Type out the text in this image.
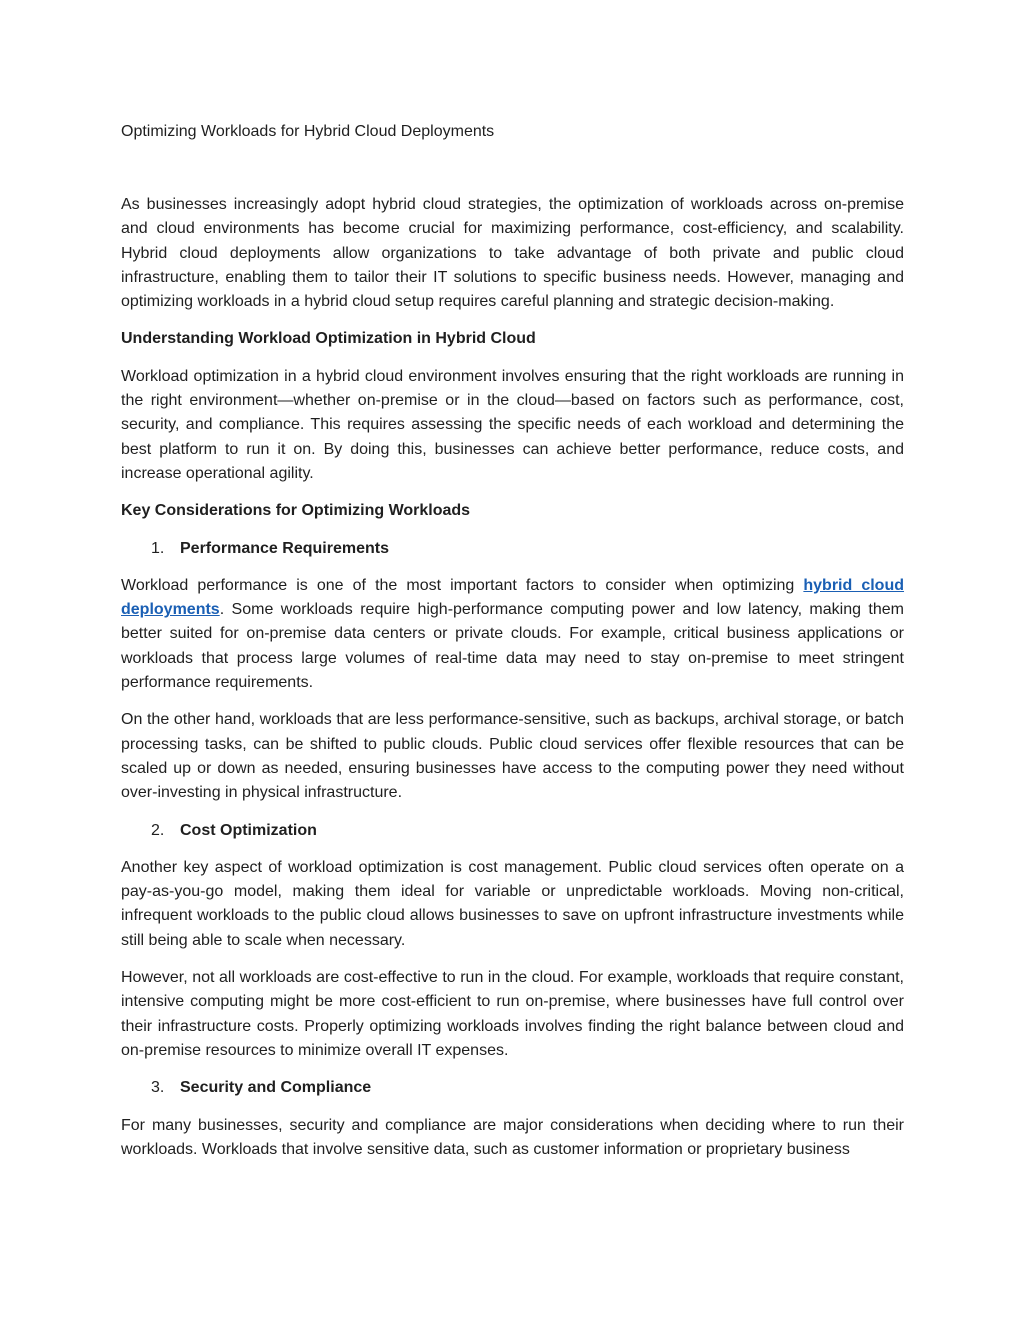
Optimizing Workloads for Hybrid Cloud Deployments

As businesses increasingly adopt hybrid cloud strategies, the optimization of workloads across on-premise and cloud environments has become crucial for maximizing performance, cost-efficiency, and scalability. Hybrid cloud deployments allow organizations to take advantage of both private and public cloud infrastructure, enabling them to tailor their IT solutions to specific business needs. However, managing and optimizing workloads in a hybrid cloud setup requires careful planning and strategic decision-making.

Understanding Workload Optimization in Hybrid Cloud

Workload optimization in a hybrid cloud environment involves ensuring that the right workloads are running in the right environment—whether on-premise or in the cloud—based on factors such as performance, cost, security, and compliance. This requires assessing the specific needs of each workload and determining the best platform to run it on. By doing this, businesses can achieve better performance, reduce costs, and increase operational agility.

Key Considerations for Optimizing Workloads
1. Performance Requirements

Workload performance is one of the most important factors to consider when optimizing hybrid cloud deployments. Some workloads require high-performance computing power and low latency, making them better suited for on-premise data centers or private clouds. For example, critical business applications or workloads that process large volumes of real-time data may need to stay on-premise to meet stringent performance requirements.

On the other hand, workloads that are less performance-sensitive, such as backups, archival storage, or batch processing tasks, can be shifted to public clouds. Public cloud services offer flexible resources that can be scaled up or down as needed, ensuring businesses have access to the computing power they need without over-investing in physical infrastructure.

2. Cost Optimization

Another key aspect of workload optimization is cost management. Public cloud services often operate on a pay-as-you-go model, making them ideal for variable or unpredictable workloads. Moving non-critical, infrequent workloads to the public cloud allows businesses to save on upfront infrastructure investments while still being able to scale when necessary.

However, not all workloads are cost-effective to run in the cloud. For example, workloads that require constant, intensive computing might be more cost-efficient to run on-premise, where businesses have full control over their infrastructure costs. Properly optimizing workloads involves finding the right balance between cloud and on-premise resources to minimize overall IT expenses.

3. Security and Compliance

For many businesses, security and compliance are major considerations when deciding where to run their workloads. Workloads that involve sensitive data, such as customer information or proprietary business
